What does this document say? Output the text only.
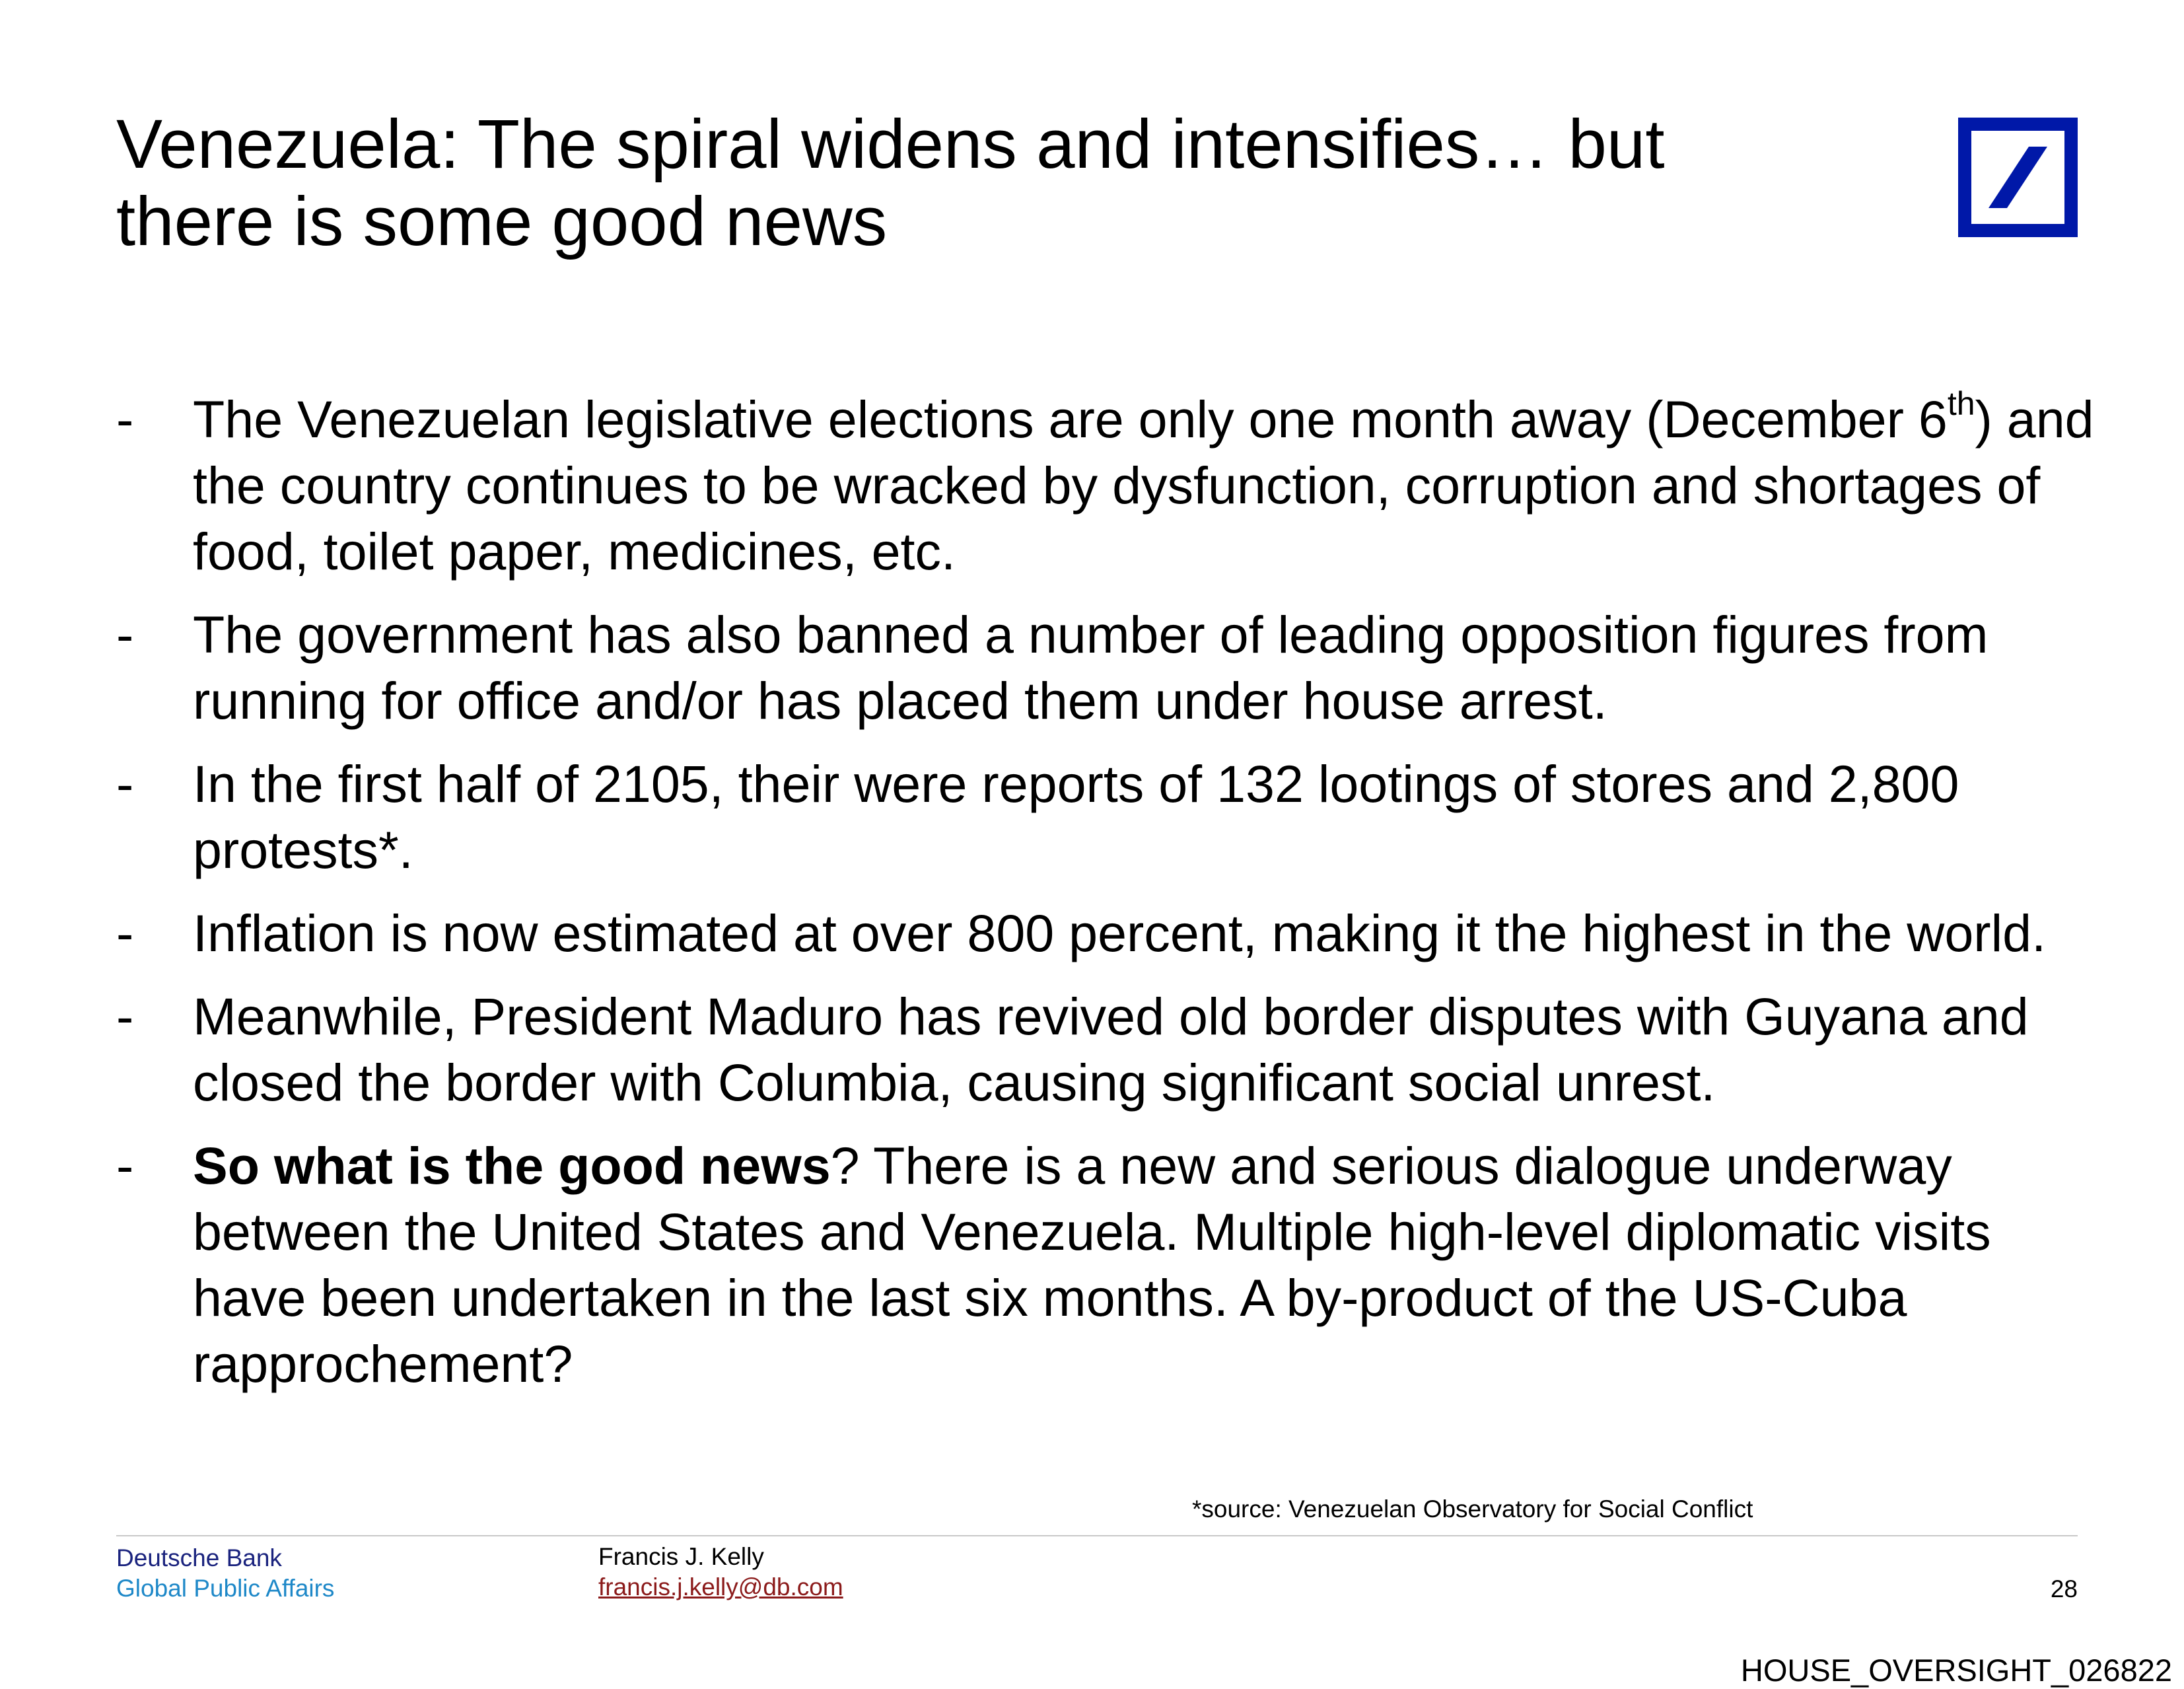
Venezuela: The spiral widens and intensifies… but there is some good news
- The Venezuelan legislative elections are only one month away (December 6th) and the country continues to be wracked by dysfunction, corruption and shortages of food, toilet paper, medicines, etc.
- The government has also banned a number of leading opposition figures from running for office and/or has placed them under house arrest.
- In the first half of 2105, their were reports of 132 lootings of stores and 2,800 protests*.
- Inflation is now estimated at over 800 percent, making it the highest in the world.
- Meanwhile, President Maduro has revived old border disputes with Guyana and closed the border with Columbia, causing significant social unrest.
- So what is the good news? There is a new and serious dialogue underway between the United States and Venezuela. Multiple high-level diplomatic visits have been undertaken in the last six months. A by-product of the US-Cuba rapprochement?
*source: Venezuelan Observatory for Social Conflict
Deutsche Bank
Global Public Affairs
Francis J. Kelly
francis.j.kelly@db.com	28
HOUSE_OVERSIGHT_026822
